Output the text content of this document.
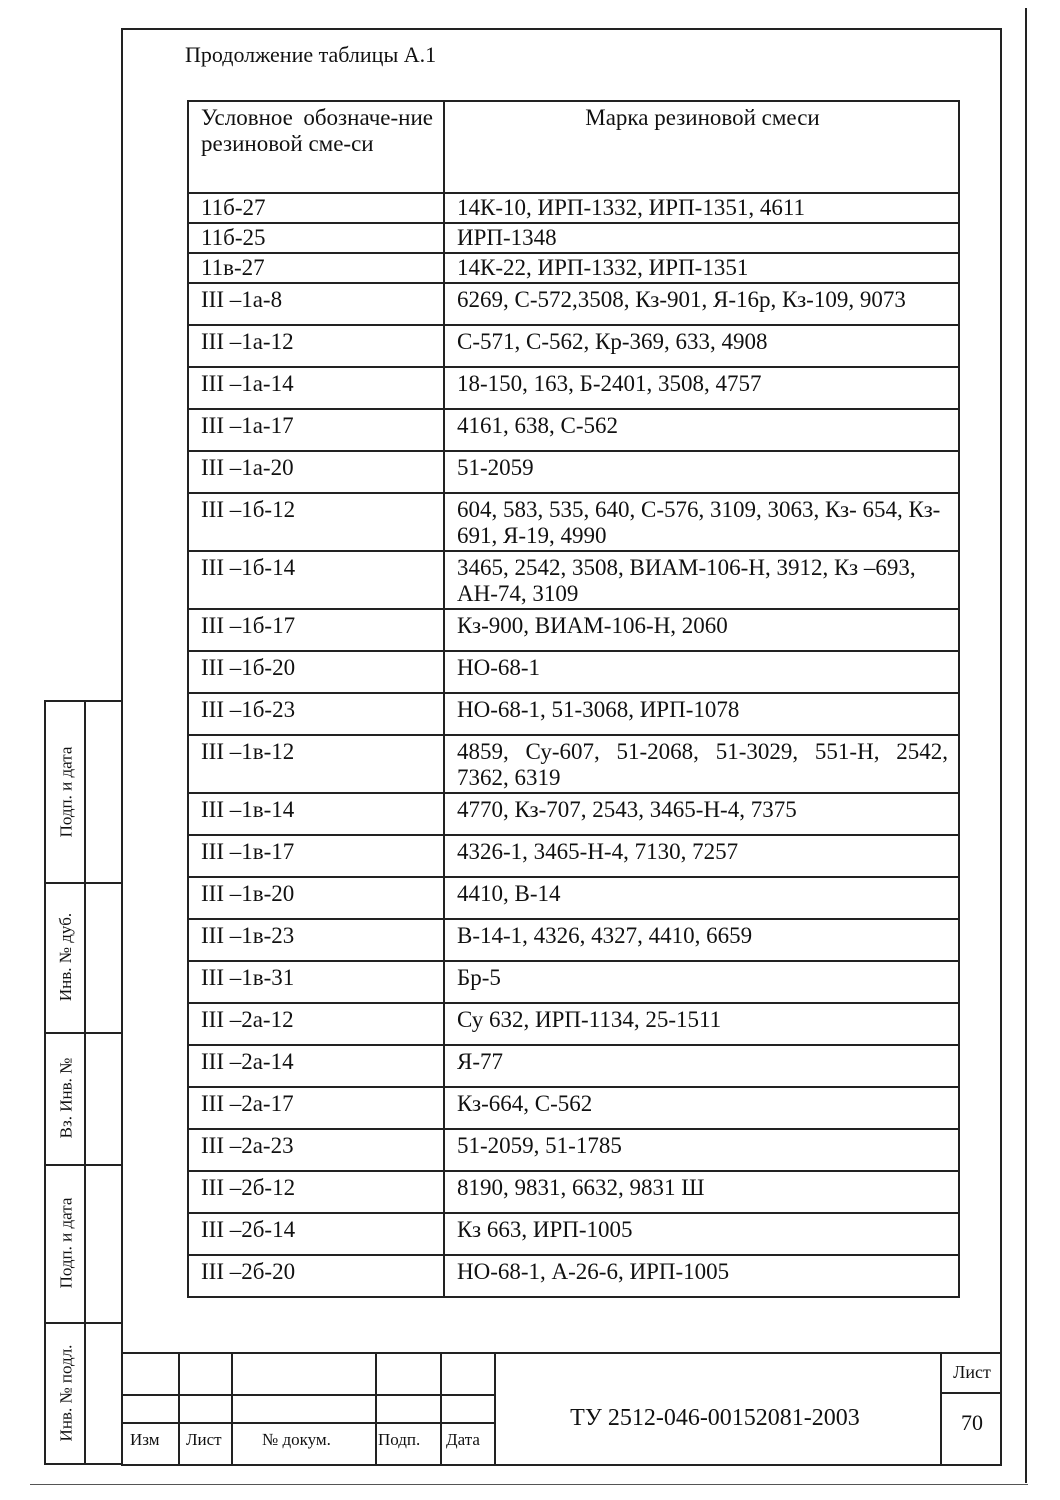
Продолжение таблицы А.1
Условное обозначе-ние резиновой сме-си	Марка резиновой смеси
11б-27	14К-10, ИРП-1332, ИРП-1351, 4611
11б-25	ИРП-1348
11в-27	14К-22, ИРП-1332, ИРП-1351
III –1а-8	6269, С-572,3508, Кз-901, Я-16р, Кз-109, 9073
III –1а-12	С-571, С-562, Кр-369, 633, 4908
III –1а-14	18-150, 163, Б-2401, 3508, 4757
III –1а-17	4161, 638, С-562
III –1а-20	51-2059
III –1б-12	604, 583, 535, 640, С-576, 3109, 3063, Кз- 654, Кз- 691, Я-19, 4990
III –1б-14	3465, 2542, 3508, ВИАМ-106-Н, 3912, Кз –693, АН-74, 3109
III –1б-17	Кз-900, ВИАМ-106-Н, 2060
III –1б-20	НО-68-1
III –1б-23	НО-68-1, 51-3068, ИРП-1078
III –1в-12	4859, Су-607, 51-2068, 51-3029, 551-Н, 2542, 7362, 6319
III –1в-14	4770, Кз-707, 2543, 3465-Н-4, 7375
III –1в-17	4326-1, 3465-Н-4, 7130, 7257
III –1в-20	4410, В-14
III –1в-23	В-14-1, 4326, 4327, 4410, 6659
III –1в-31	Бр-5
III –2а-12	Су 632, ИРП-1134, 25-1511
III –2а-14	Я-77
III –2а-17	Кз-664, С-562
III –2а-23	51-2059, 51-1785
III –2б-12	8190, 9831, 6632, 9831 Ш
III –2б-14	Кз 663, ИРП-1005
III –2б-20	НО-68-1, А-26-6, ИРП-1005
Подп. и дата
Инв. № дуб.
Вз. Инв. №
Подп. и дата
Инв. № подл.	Изм Лист № докум.	Подп. Дата
ТУ 2512-046-00152081-2003
Лист
70
